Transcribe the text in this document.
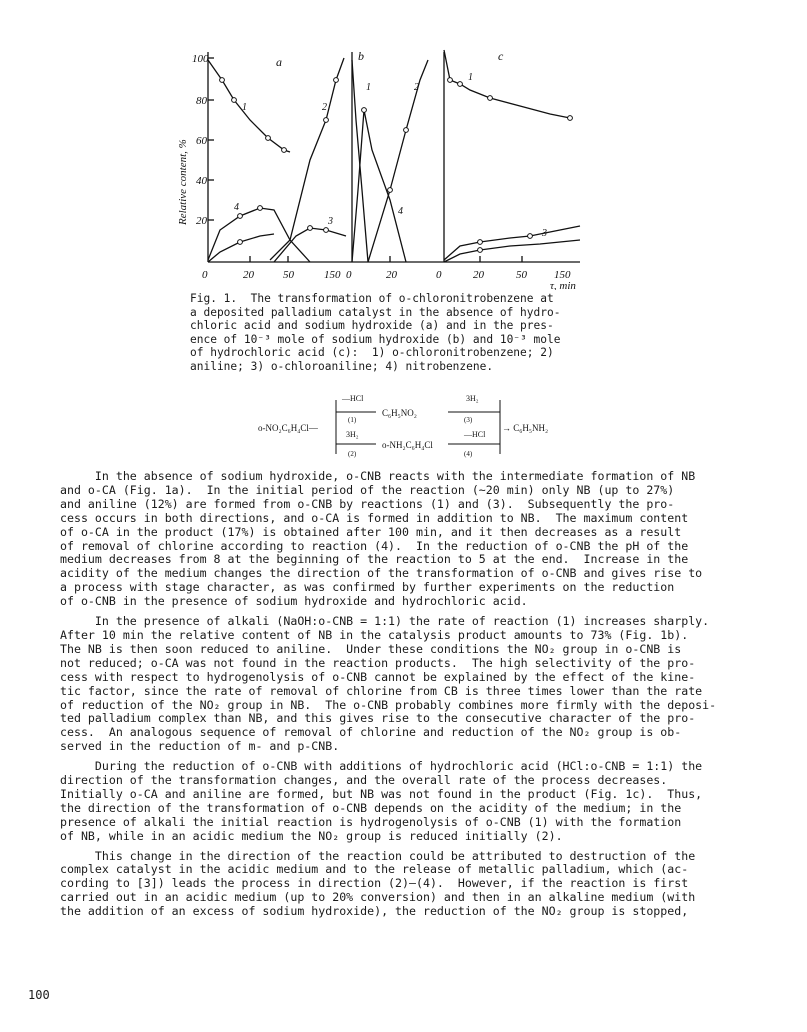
100
80
60
40
20
Relative content, %
a	b	c
0	20	50	150 0	20	0	20	50 150
τ, min
1	2
3
4
1	2
4
1
3

Fig. 1.  The transformation of o-chloronitrobenzene at
a deposited palladium catalyst in the absence of hydro-
chloric acid and sodium hydroxide (a) and in the pres-
ence of 10⁻³ mole of sodium hydroxide (b) and 10⁻³ mole
of hydrochloric acid (c):  1) o-chloronitrobenzene; 2)
aniline; 3) o-chloroaniline; 4) nitrobenzene.

o-NO₂C₆H₄Cl—
—HCl
(1)
C₆H₅NO₂
3H₂
(3)
3H₂
(2)
o-NH₂C₆H₄Cl
—HCl
(4)
→ C₆H₅NH₂

In the absence of sodium hydroxide, o-CNB reacts with the intermediate formation of NB
and o-CA (Fig. 1a).  In the initial period of the reaction (~20 min) only NB (up to 27%)
and aniline (12%) are formed from o-CNB by reactions (1) and (3).  Subsequently the pro-
cess occurs in both directions, and o-CA is formed in addition to NB.  The maximum content
of o-CA in the product (17%) is obtained after 100 min, and it then decreases as a result
of removal of chlorine according to reaction (4).  In the reduction of o-CNB the pH of the
medium decreases from 8 at the beginning of the reaction to 5 at the end.  Increase in the
acidity of the medium changes the direction of the transformation of o-CNB and gives rise to
a process with stage character, as was confirmed by further experiments on the reduction
of o-CNB in the presence of sodium hydroxide and hydrochloric acid.

In the presence of alkali (NaOH:o-CNB = 1:1) the rate of reaction (1) increases sharply.
After 10 min the relative content of NB in the catalysis product amounts to 73% (Fig. 1b).
The NB is then soon reduced to aniline.  Under these conditions the NO₂ group in o-CNB is
not reduced; o-CA was not found in the reaction products.  The high selectivity of the pro-
cess with respect to hydrogenolysis of o-CNB cannot be explained by the effect of the kine-
tic factor, since the rate of removal of chlorine from CB is three times lower than the rate
of reduction of the NO₂ group in NB.  The o-CNB probably combines more firmly with the deposi-
ted palladium complex than NB, and this gives rise to the consecutive character of the pro-
cess.  An analogous sequence of removal of chlorine and reduction of the NO₂ group is ob-
served in the reduction of m- and p-CNB.

During the reduction of o-CNB with additions of hydrochloric acid (HCl:o-CNB = 1:1) the
direction of the transformation changes, and the overall rate of the process decreases.
Initially o-CA and aniline are formed, but NB was not found in the product (Fig. 1c).  Thus,
the direction of the transformation of o-CNB depends on the acidity of the medium; in the
presence of alkali the initial reaction is hydrogenolysis of o-CNB (1) with the formation
of NB, while in an acidic medium the NO₂ group is reduced initially (2).

This change in the direction of the reaction could be attributed to destruction of the
complex catalyst in the acidic medium and to the release of metallic palladium, which (ac-
cording to [3]) leads the process in direction (2)—(4).  However, if the reaction is first
carried out in an acidic medium (up to 20% conversion) and then in an alkaline medium (with
the addition of an excess of sodium hydroxide), the reduction of the NO₂ group is stopped,

100
